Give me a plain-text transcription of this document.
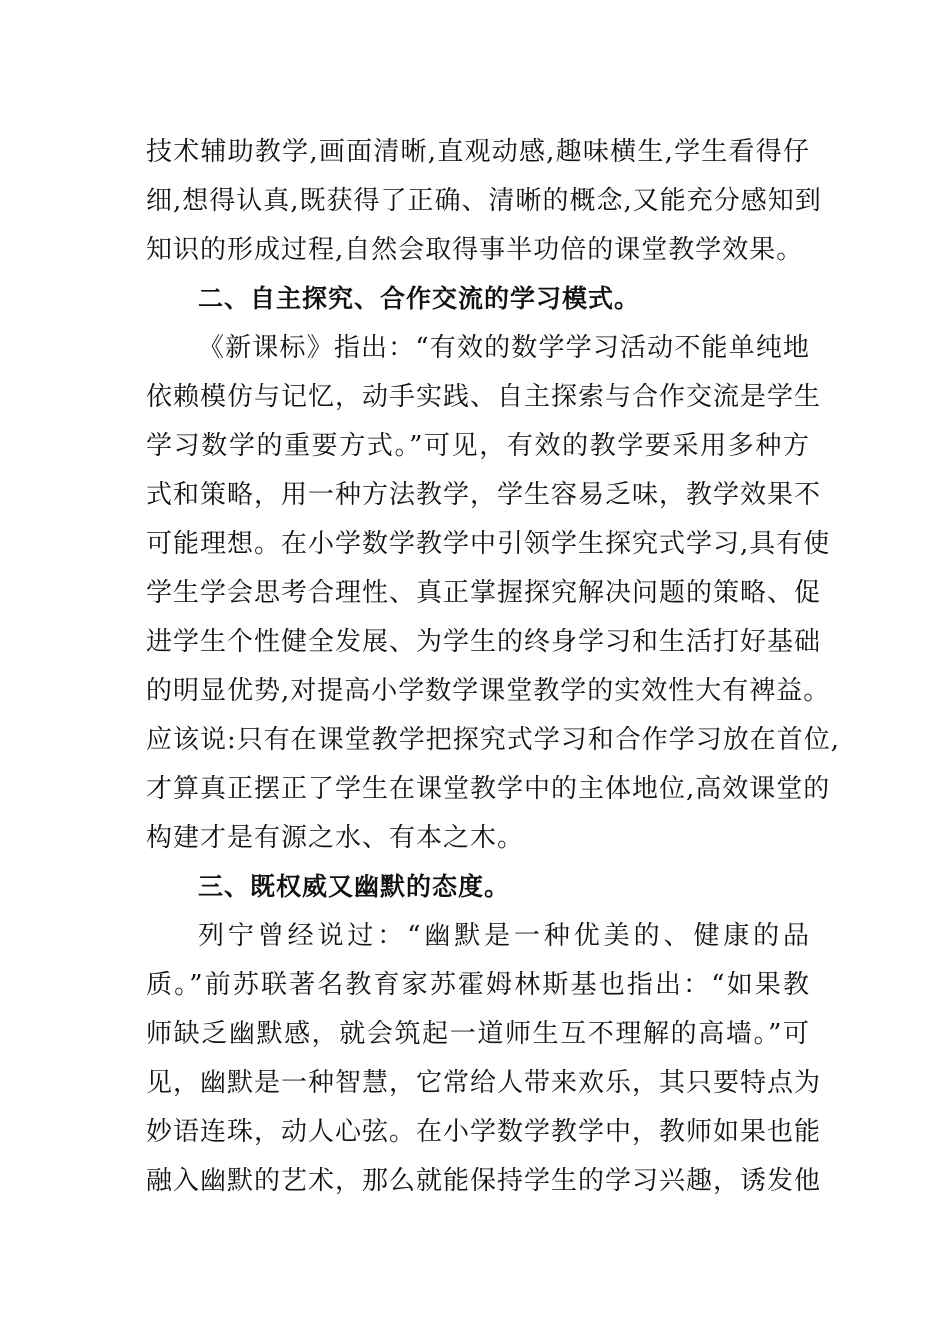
技术辅助教学,画面清晰,直观动感,趣味横生,学生看得仔
细,想得认真,既获得了正确、清晰的概念,又能充分感知到
知识的形成过程,自然会取得事半功倍的课堂教学效果。
二、自主探究、合作交流的学习模式。
《新课标》指出：“有效的数学学习活动不能单纯地
依赖模仿与记忆，动手实践、自主探索与合作交流是学生
学习数学的重要方式。”可见，有效的教学要采用多种方
式和策略，用一种方法教学，学生容易乏味，教学效果不
可能理想。在小学数学教学中引领学生探究式学习,具有使
学生学会思考合理性、真正掌握探究解决问题的策略、促
进学生个性健全发展、为学生的终身学习和生活打好基础
的明显优势,对提高小学数学课堂教学的实效性大有裨益。
应该说:只有在课堂教学把探究式学习和合作学习放在首位,
才算真正摆正了学生在课堂教学中的主体地位,高效课堂的
构建才是有源之水、有本之木。
三、既权威又幽默的态度。
列宁曾经说过：“幽默是一种优美的、健康的品
质。”前苏联著名教育家苏霍姆林斯基也指出：“如果教
师缺乏幽默感，就会筑起一道师生互不理解的高墙。”可
见，幽默是一种智慧，它常给人带来欢乐，其只要特点为
妙语连珠，动人心弦。在小学数学教学中，教师如果也能
融入幽默的艺术，那么就能保持学生的学习兴趣，诱发他
